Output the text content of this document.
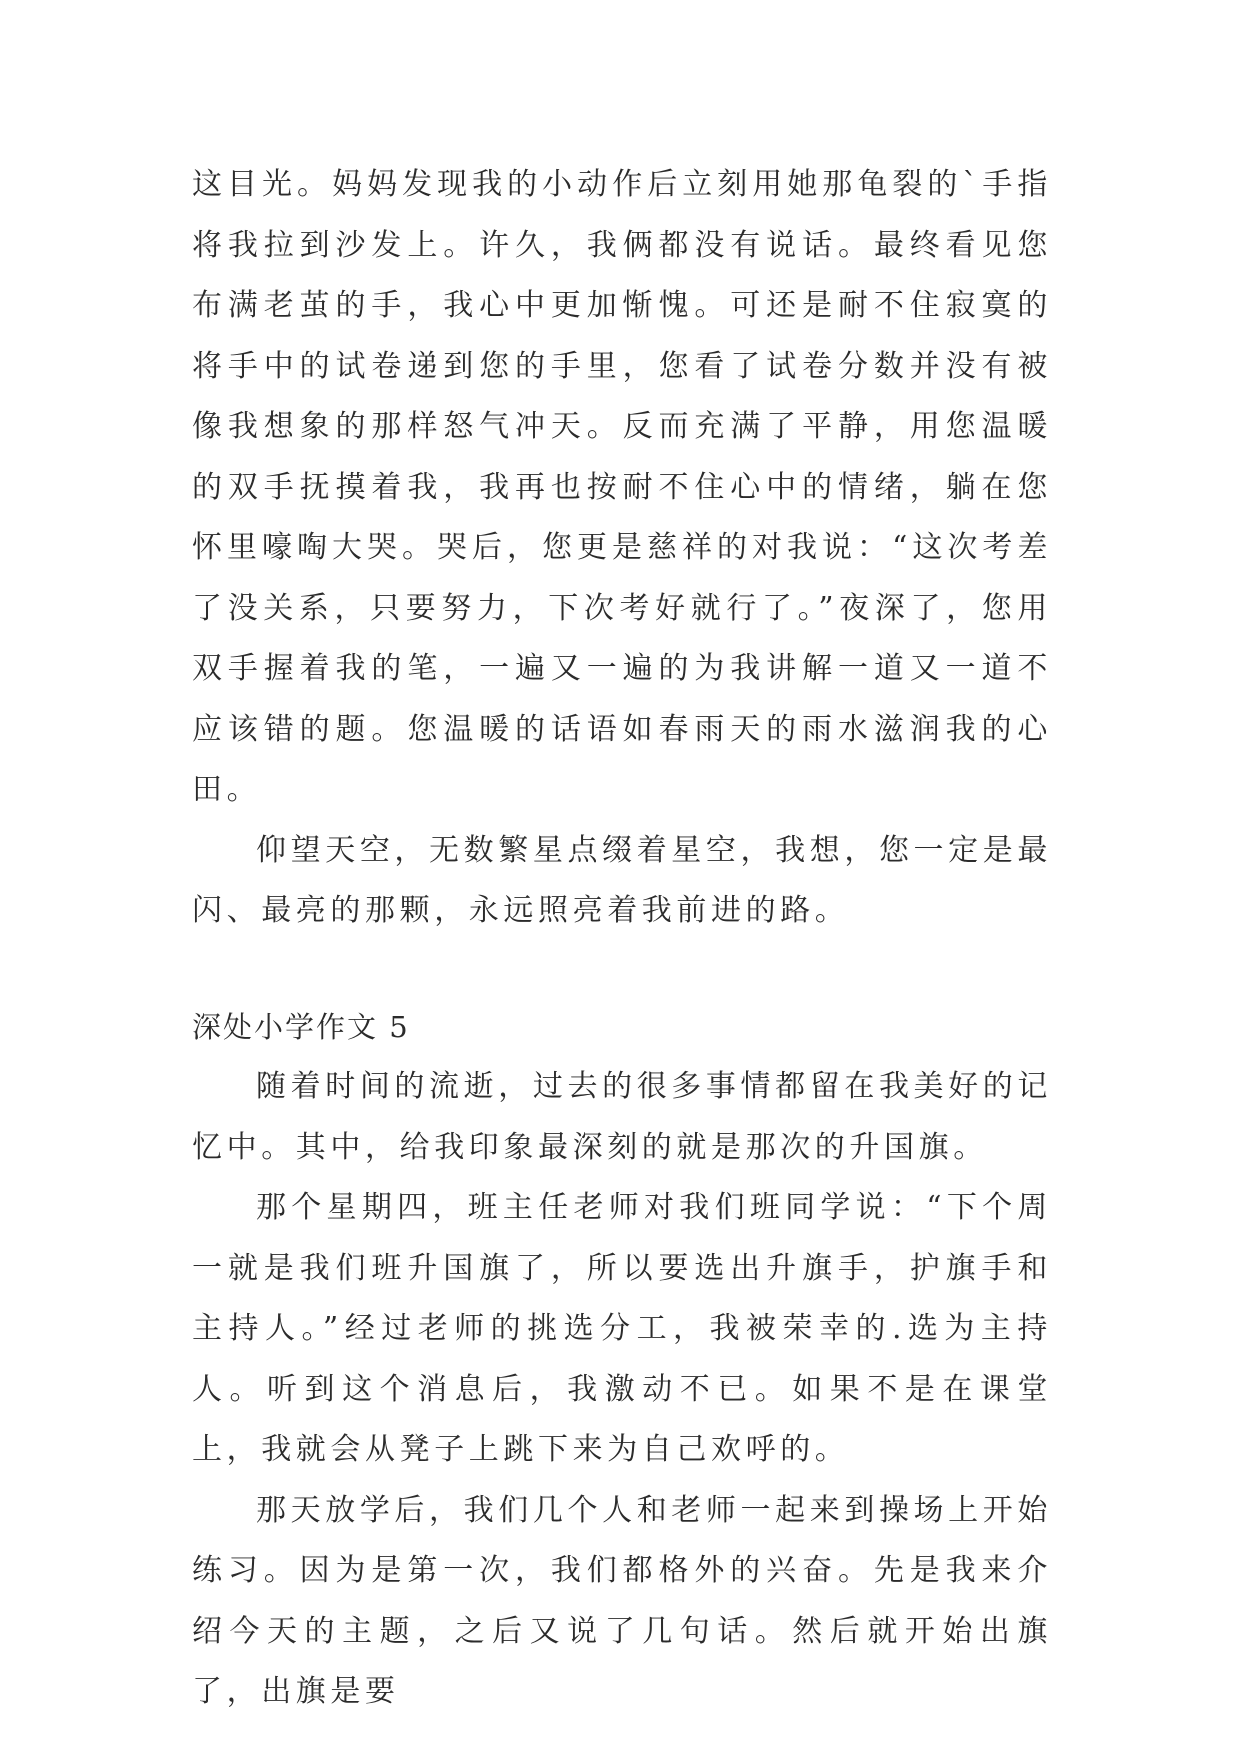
这目光。妈妈发现我的小动作后立刻用她那龟裂的`手指将我拉到沙发上。许久，我俩都没有说话。最终看见您布满老茧的手，我心中更加惭愧。可还是耐不住寂寞的将手中的试卷递到您的手里，您看了试卷分数并没有被像我想象的那样怒气冲天。反而充满了平静，用您温暖的双手抚摸着我，我再也按耐不住心中的情绪，躺在您怀里嚎啕大哭。哭后，您更是慈祥的对我说：“这次考差了没关系，只要努力，下次考好就行了。”夜深了，您用双手握着我的笔，一遍又一遍的为我讲解一道又一道不应该错的题。您温暖的话语如春雨天的雨水滋润我的心田。

仰望天空，无数繁星点缀着星空，我想，您一定是最闪、最亮的那颗，永远照亮着我前进的路。

深处小学作文 5

随着时间的流逝，过去的很多事情都留在我美好的记忆中。其中，给我印象最深刻的就是那次的升国旗。

那个星期四，班主任老师对我们班同学说：“下个周一就是我们班升国旗了，所以要选出升旗手，护旗手和主持人。”经过老师的挑选分工，我被荣幸的.选为主持人。听到这个消息后，我激动不已。如果不是在课堂上，我就会从凳子上跳下来为自己欢呼的。

那天放学后，我们几个人和老师一起来到操场上开始练习。因为是第一次，我们都格外的兴奋。先是我来介绍今天的主题，之后又说了几句话。然后就开始出旗了，出旗是要
